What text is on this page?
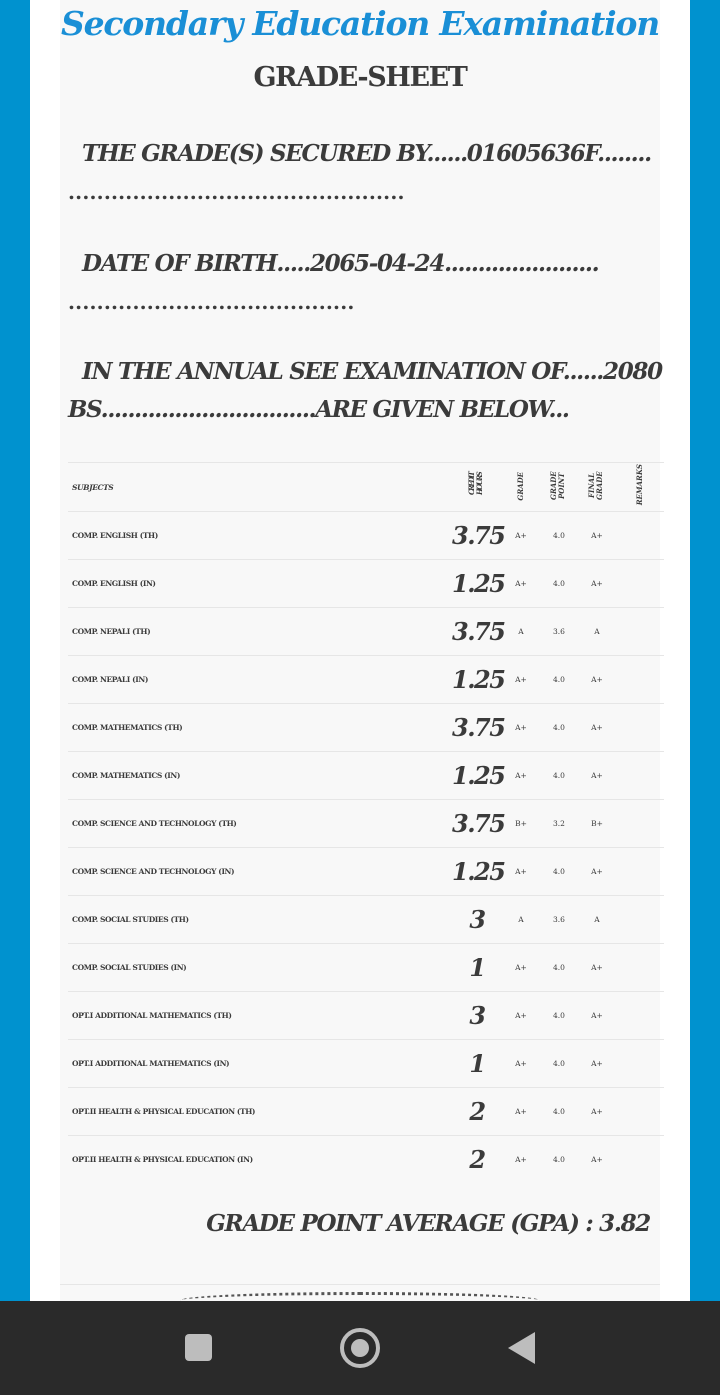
Secondary Education Examination
GRADE-SHEET
THE GRADE(S) SECURED BY......01605636F........
...............................................
DATE OF BIRTH.....2065-04-24.......................
........................................
IN THE ANNUAL SEE EXAMINATION OF......2080
BS................................ARE GIVEN BELOW...
SUBJECTS	CREDIT HOURS	GRADE	GRADE POINT	FINAL GRADE	REMARKS
COMP. ENGLISH (TH)	3.75	A+	4.0	A+	
COMP. ENGLISH (IN)	1.25	A+	4.0	A+	
COMP. NEPALI (TH)	3.75	A	3.6	A	
COMP. NEPALI (IN)	1.25	A+	4.0	A+	
COMP. MATHEMATICS (TH)	3.75	A+	4.0	A+	
COMP. MATHEMATICS (IN)	1.25	A+	4.0	A+	
COMP. SCIENCE AND TECHNOLOGY (TH)	3.75	B+	3.2	B+	
COMP. SCIENCE AND TECHNOLOGY (IN)	1.25	A+	4.0	A+	
COMP. SOCIAL STUDIES (TH)	3	A	3.6	A	
COMP. SOCIAL STUDIES (IN)	1	A+	4.0	A+	
OPT.I ADDITIONAL MATHEMATICS (TH)	3	A+	4.0	A+	
OPT.I ADDITIONAL MATHEMATICS (IN)	1	A+	4.0	A+	
OPT.II HEALTH & PHYSICAL EDUCATION (TH)	2	A+	4.0	A+	
OPT.II HEALTH & PHYSICAL EDUCATION (IN)	2	A+	4.0	A+	
GRADE POINT AVERAGE (GPA) : 3.82
